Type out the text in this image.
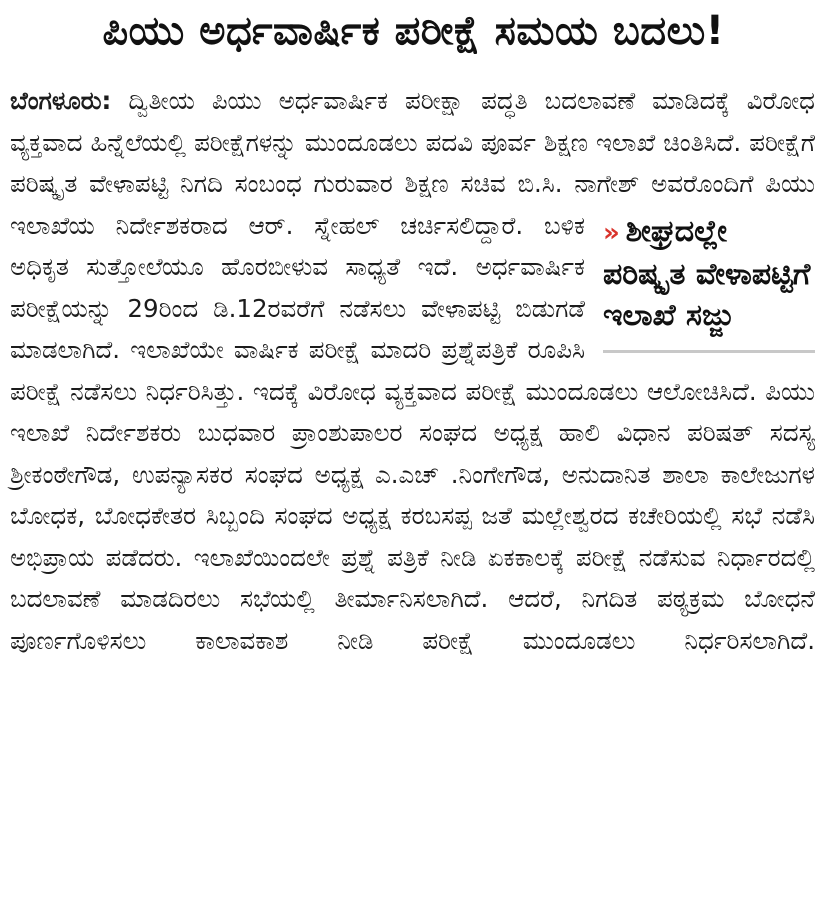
ಪಿಯು ಅರ್ಧವಾರ್ಷಿಕ ಪರೀಕ್ಷೆ ಸಮಯ ಬದಲು!
ಬೆಂಗಳೂರು: ದ್ವಿತೀಯ ಪಿಯು ಅರ್ಧವಾರ್ಷಿಕ ಪರೀಕ್ಷಾ ಪದ್ಧತಿ ಬದಲಾವಣೆ ಮಾಡಿದಕ್ಕೆ ವಿರೋಧ ವ್ಯಕ್ತವಾದ ಹಿನ್ನೆಲೆಯಲ್ಲಿ ಪರೀಕ್ಷೆಗಳನ್ನು ಮುಂದೂಡಲು ಪದವಿ ಪೂರ್ವ ಶಿಕ್ಷಣ ಇಲಾಖೆ ಚಿಂತಿಸಿದೆ. ಪರೀಕ್ಷೆಗೆ ಪರಿಷ್ಕೃತ ವೇಳಾಪಟ್ಟಿ ನಿಗದಿ ಸಂಬಂಧ ಗುರುವಾರ ಶಿಕ್ಷಣ ಸಚಿವ ಬಿ.ಸಿ. ನಾಗೇಶ್ ಅವರೊಂದಿಗೆ ಪಿಯು ಇಲಾಖೆಯ ನಿರ್ದೇಶಕರಾದ ಆರ್. ಸ್ನೇಹಲ್ ಚರ್ಚಿಸಲಿದ್ದಾರೆ. ಬಳಿಕ » ಶೀಘ್ರದಲ್ಲೇ ಪರಿಷ್ಕೃತ ವೇಳಾಪಟ್ಟಿಗೆ ಇಲಾಖೆ ಸಜ್ಜು
ಅಧಿಕೃತ ಸುತ್ತೋಲೆಯೂ ಹೊರಬೀಳುವ ಸಾಧ್ಯತೆ ಇದೆ. ಅರ್ಧವಾರ್ಷಿಕ ಪರೀಕ್ಷೆಯನ್ನು 29ರಿಂದ ಡಿ.12ರವರೆಗೆ ನಡೆಸಲು ವೇಳಾಪಟ್ಟಿ ಬಿಡುಗಡೆ ಮಾಡಲಾಗಿದೆ. ಇಲಾಖೆಯೇ ವಾರ್ಷಿಕ ಪರೀಕ್ಷೆ ಮಾದರಿ ಪ್ರಶ್ನೆಪತ್ರಿಕೆ ರೂಪಿಸಿ ಪರೀಕ್ಷೆ ನಡೆಸಲು ನಿರ್ಧರಿಸಿತ್ತು. ಇದಕ್ಕೆ ವಿರೋಧ ವ್ಯಕ್ತವಾದ ಪರೀಕ್ಷೆ ಮುಂದೂಡಲು ಆಲೋಚಿಸಿದೆ. ಪಿಯು ಇಲಾಖೆ ನಿರ್ದೇಶಕರು ಬುಧವಾರ ಪ್ರಾಂಶುಪಾಲರ ಸಂಘದ ಅಧ್ಯಕ್ಷ ಹಾಲಿ ವಿಧಾನ ಪರಿಷತ್ ಸದಸ್ಯ ಶ್ರೀಕಂಠೇಗೌಡ, ಉಪನ್ಯಾಸಕರ ಸಂಘದ ಅಧ್ಯಕ್ಷ ಎ.ಎಚ್ .ನಿಂಗೇಗೌಡ, ಅನುದಾನಿತ ಶಾಲಾ ಕಾಲೇಜುಗಳ ಬೋಧಕ, ಬೋಧಕೇತರ ಸಿಬ್ಬಂದಿ ಸಂಘದ ಅಧ್ಯಕ್ಷ ಕರಬಸಪ್ಪ ಜತೆ ಮಲ್ಲೇಶ್ವರದ ಕಚೇರಿಯಲ್ಲಿ ಸಭೆ ನಡೆಸಿ ಅಭಿಪ್ರಾಯ ಪಡೆದರು. ಇಲಾಖೆಯಿಂದಲೇ ಪ್ರಶ್ನೆ ಪತ್ರಿಕೆ ನೀಡಿ ಏಕಕಾಲಕ್ಕೆ ಪರೀಕ್ಷೆ ನಡೆಸುವ ನಿರ್ಧಾರದಲ್ಲಿ ಬದಲಾವಣೆ ಮಾಡದಿರಲು ಸಭೆಯಲ್ಲಿ ತೀರ್ಮಾನಿಸಲಾಗಿದೆ. ಆದರೆ, ನಿಗದಿತ ಪಠ್ಯಕ್ರಮ ಬೋಧನೆ ಪೂರ್ಣಗೊಳಿಸಲು ಕಾಲಾವಕಾಶ ನೀಡಿ ಪರೀಕ್ಷೆ ಮುಂದೂಡಲು ನಿರ್ಧರಿಸಲಾಗಿದೆ.
